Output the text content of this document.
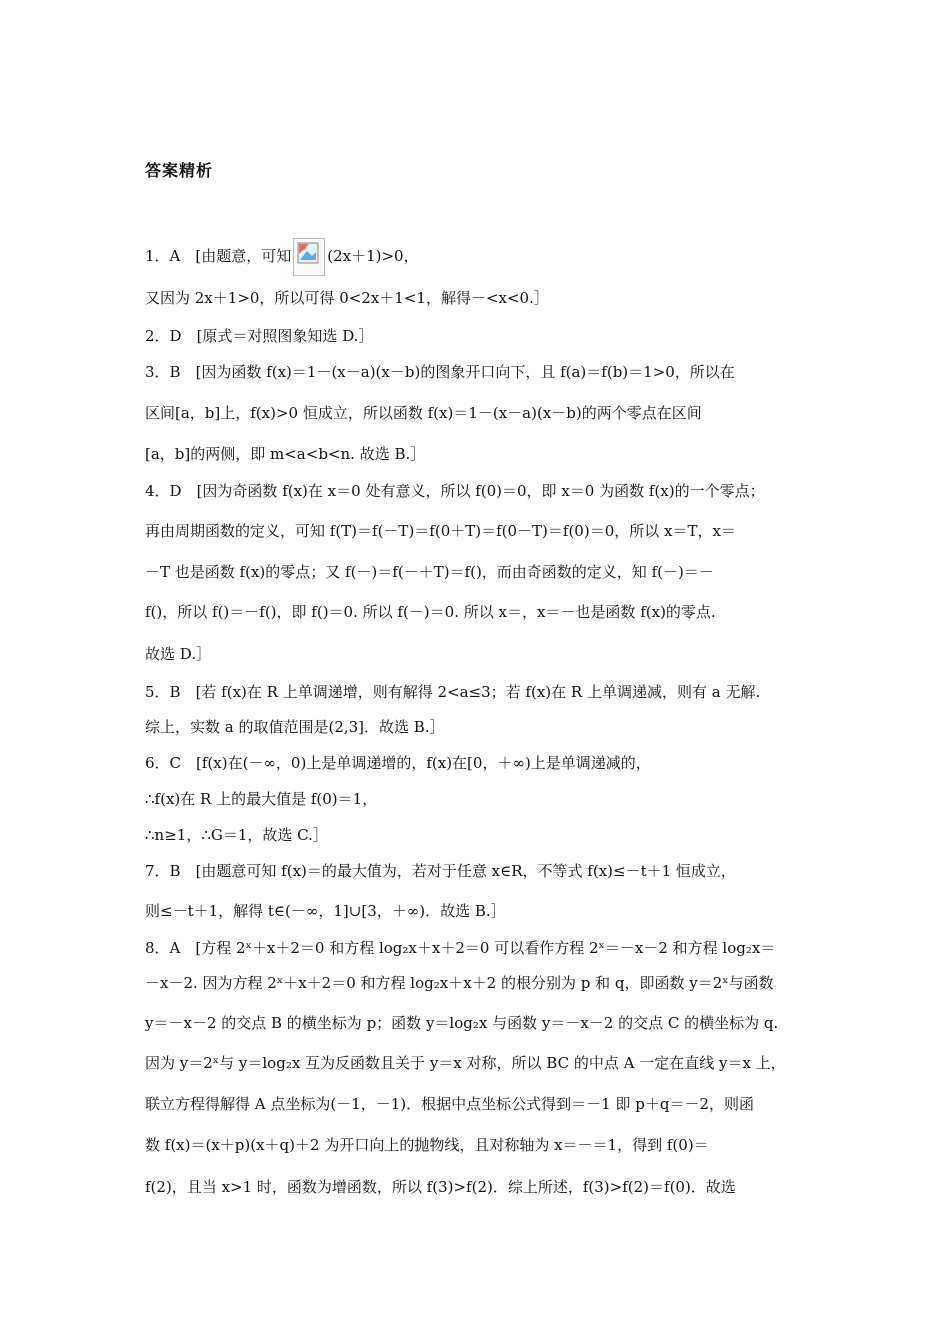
答案精析
1．A　[由题意，可知 (2x＋1)>0，
又因为 2x＋1>0，所以可得 0<2x＋1<1，解得－<x<0.］
2．D　[原式＝对照图象知选 D.］
3．B　[因为函数 f(x)＝1－(x－a)(x－b)的图象开口向下，且 f(a)＝f(b)＝1>0，所以在
区间[a，b]上，f(x)>0 恒成立，所以函数 f(x)＝1－(x－a)(x－b)的两个零点在区间
[a，b]的两侧，即 m<a<b<n. 故选 B.］
4．D　[因为奇函数 f(x)在 x＝0 处有意义，所以 f(0)＝0，即 x＝0 为函数 f(x)的一个零点；
再由周期函数的定义，可知 f(T)＝f(－T)＝f(0＋T)＝f(0－T)＝f(0)＝0，所以 x＝T，x＝
－T 也是函数 f(x)的零点；又 f(－)＝f(－＋T)＝f()，而由奇函数的定义，知 f(－)＝－
f()，所以 f()＝－f()，即 f()＝0. 所以 f(－)＝0. 所以 x＝，x＝－也是函数 f(x)的零点.
故选 D.］
5．B　[若 f(x)在 R 上单调递增，则有解得 2<a≤3；若 f(x)在 R 上单调递减，则有 a 无解.
综上，实数 a 的取值范围是(2,3]．故选 B.］
6．C　[f(x)在(－∞，0)上是单调递增的，f(x)在[0，＋∞)上是单调递减的，
∴f(x)在 R 上的最大值是 f(0)＝1，
∴n≥1，∴G＝1，故选 C.］
7．B　[由题意可知 f(x)＝的最大值为，若对于任意 x∈R，不等式 f(x)≤－t＋1 恒成立，
则≤－t＋1，解得 t∈(－∞，1]∪[3，＋∞)．故选 B.］
8．A　[方程 2ˣ＋x＋2＝0 和方程 log₂x＋x＋2＝0 可以看作方程 2ˣ＝－x－2 和方程 log₂x＝
－x－2. 因为方程 2ˣ＋x＋2＝0 和方程 log₂x＋x＋2 的根分别为 p 和 q，即函数 y＝2ˣ与函数
y＝－x－2 的交点 B 的横坐标为 p；函数 y＝log₂x 与函数 y＝－x－2 的交点 C 的横坐标为 q.
因为 y＝2ˣ与 y＝log₂x 互为反函数且关于 y＝x 对称，所以 BC 的中点 A 一定在直线 y＝x 上，
联立方程得解得 A 点坐标为(－1，－1)．根据中点坐标公式得到＝－1 即 p＋q＝－2，则函
数 f(x)＝(x＋p)(x＋q)＋2 为开口向上的抛物线，且对称轴为 x＝－＝1，得到 f(0)＝
f(2)，且当 x>1 时，函数为增函数，所以 f(3)>f(2)．综上所述，f(3)>f(2)＝f(0)．故选
